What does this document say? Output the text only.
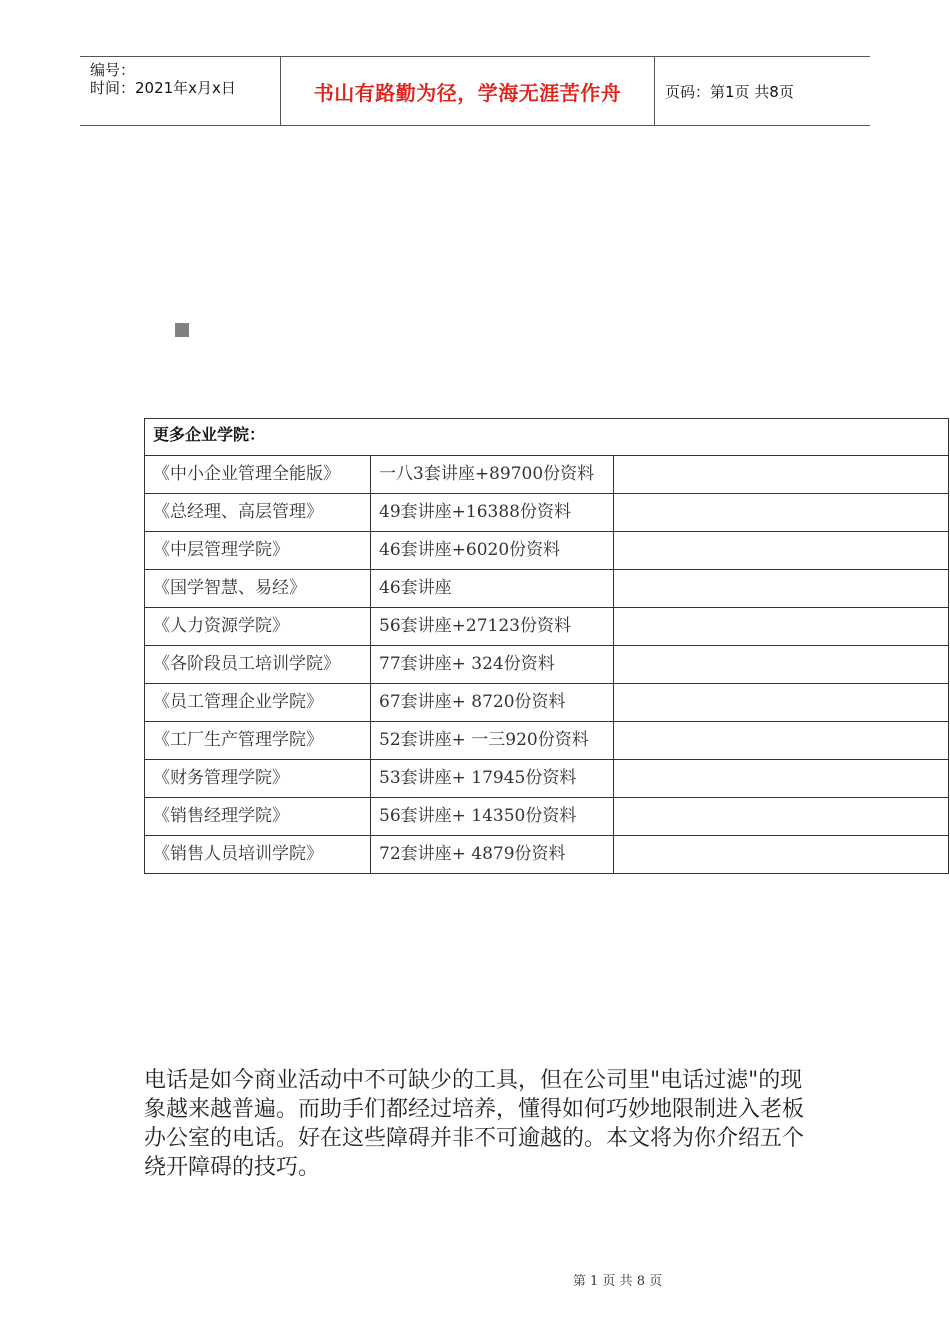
编号：
时间：2021年x月x日	书山有路勤为径，学海无涯苦作舟	页码：第1页 共8页
更多企业学院：		
《中小企业管理全能版》	一八3套讲座+89700份资料	
《总经理、高层管理》	49套讲座+16388份资料	
《中层管理学院》	46套讲座+6020份资料	
《国学智慧、易经》	46套讲座	
《人力资源学院》	56套讲座+27123份资料	
《各阶段员工培训学院》	77套讲座+ 324份资料	
《员工管理企业学院》	67套讲座+ 8720份资料	
《工厂生产管理学院》	52套讲座+ 一三920份资料	
《财务管理学院》	53套讲座+ 17945份资料	
《销售经理学院》	56套讲座+ 14350份资料	
《销售人员培训学院》	72套讲座+ 4879份资料	
电话是如今商业活动中不可缺少的工具，但在公司里"电话过滤"的现象越来越普遍。而助手们都经过培养，懂得如何巧妙地限制进入老板办公室的电话。好在这些障碍并非不可逾越的。本文将为你介绍五个绕开障碍的技巧。
第 1 页 共 8 页
